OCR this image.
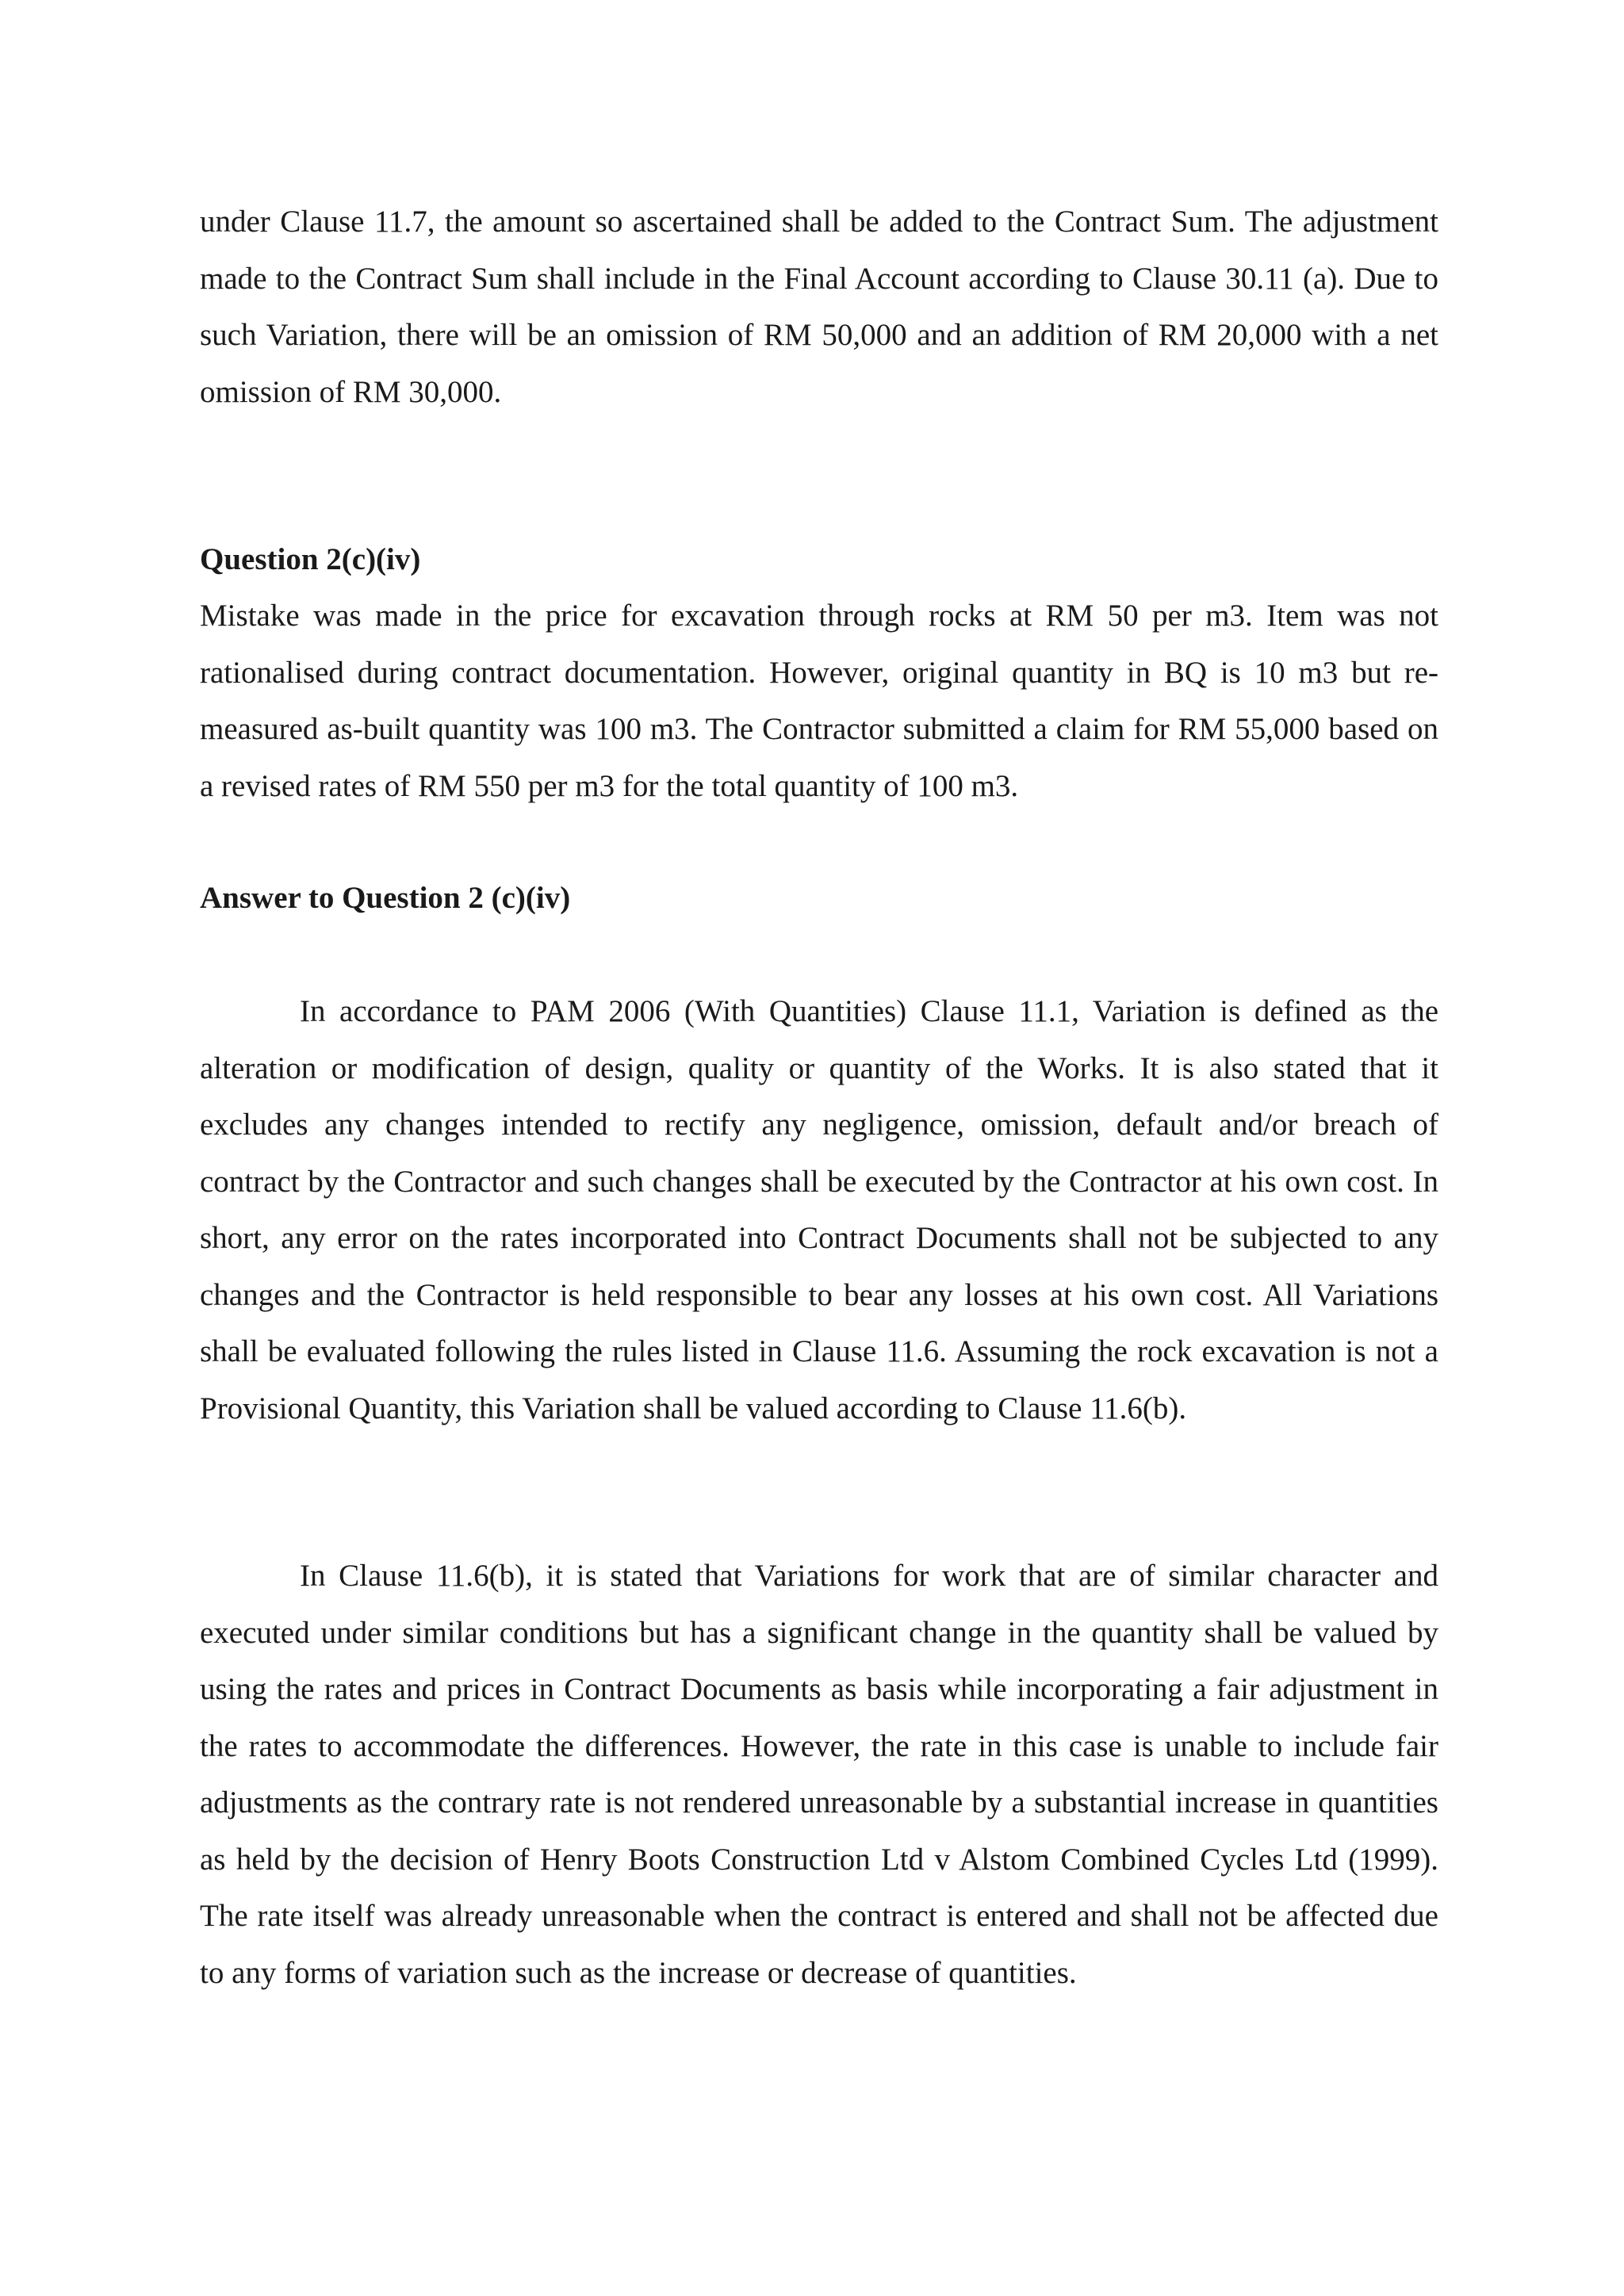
under Clause 11.7, the amount so ascertained shall be added to the Contract Sum. The adjustment made to the Contract Sum shall include in the Final Account according to Clause 30.11 (a). Due to such Variation, there will be an omission of RM 50,000 and an addition of RM 20,000 with a net omission of RM 30,000.

Question 2(c)(iv)

Mistake was made in the price for excavation through rocks at RM 50 per m3. Item was not rationalised during contract documentation. However, original quantity in BQ is 10 m3 but re-measured as-built quantity was 100 m3. The Contractor submitted a claim for RM 55,000 based on a revised rates of RM 550 per m3 for the total quantity of 100 m3.

Answer to Question 2 (c)(iv)

In accordance to PAM 2006 (With Quantities) Clause 11.1, Variation is defined as the alteration or modification of design, quality or quantity of the Works. It is also stated that it excludes any changes intended to rectify any negligence, omission, default and/or breach of contract by the Contractor and such changes shall be executed by the Contractor at his own cost. In short, any error on the rates incorporated into Contract Documents shall not be subjected to any changes and the Contractor is held responsible to bear any losses at his own cost. All Variations shall be evaluated following the rules listed in Clause 11.6. Assuming the rock excavation is not a Provisional Quantity, this Variation shall be valued according to Clause 11.6(b).

In Clause 11.6(b), it is stated that Variations for work that are of similar character and executed under similar conditions but has a significant change in the quantity shall be valued by using the rates and prices in Contract Documents as basis while incorporating a fair adjustment in the rates to accommodate the differences. However, the rate in this case is unable to include fair adjustments as the contrary rate is not rendered unreasonable by a substantial increase in quantities as held by the decision of Henry Boots Construction Ltd v Alstom Combined Cycles Ltd (1999). The rate itself was already unreasonable when the contract is entered and shall not be affected due to any forms of variation such as the increase or decrease of quantities.
